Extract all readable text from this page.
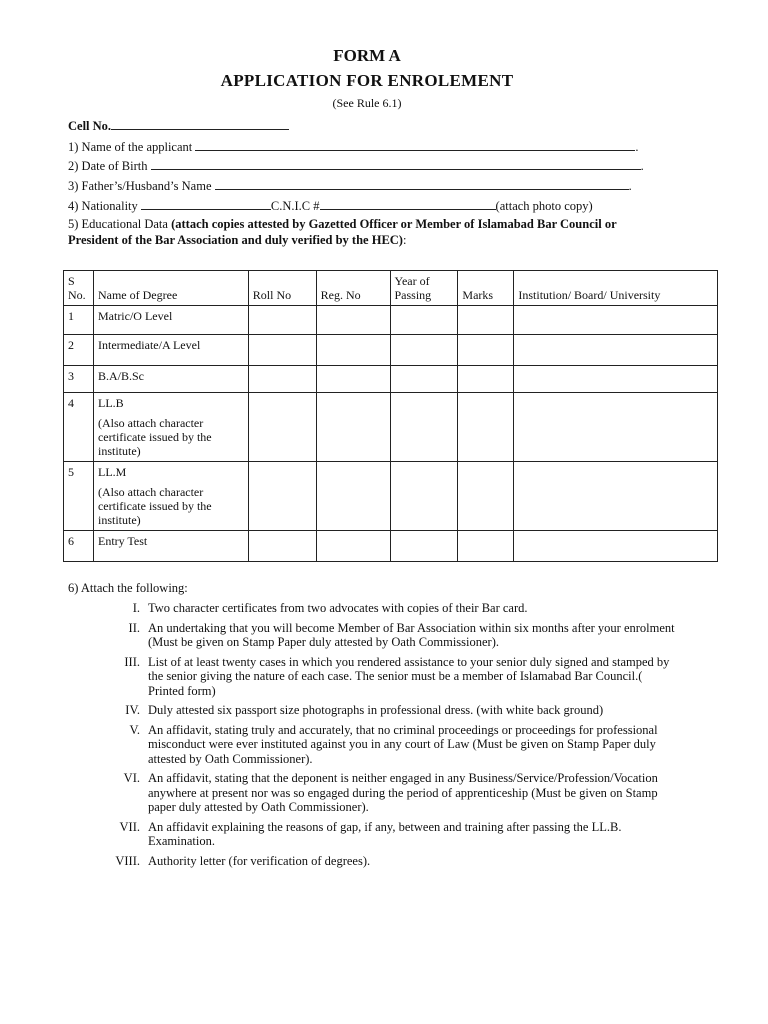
FORM A
APPLICATION FOR ENROLEMENT
(See Rule 6.1)
Cell No.
1) Name of the applicant	.
2) Date of Birth	.
3) Father’s/Husband’s Name	.
4) Nationality	C.N.I.C #	(attach photo copy)
5) Educational Data (attach copies attested by Gazetted Officer or Member of Islamabad Bar Council or President of the Bar Association and duly verified by the HEC):
S No.	Name of Degree	Roll No	Reg. No	Year of Passing	Marks	Institution/ Board/ University
1	Matric/O Level					
2	Intermediate/A Level					
3	B.A/B.Sc					
4	LL.B
(Also attach character certificate issued by the institute)					

5	LL.M
(Also attach character certificate issued by the institute)					

6	Entry Test					
6) Attach the following:
I. Two character certificates from two advocates with copies of their Bar card.
II. An undertaking that you will become Member of Bar Association within six months after your enrolment (Must be given on Stamp Paper duly attested by Oath Commissioner).
III. List of at least twenty cases in which you rendered assistance to your senior duly signed and stamped by the senior giving the nature of each case. The senior must be a member of Islamabad Bar Council.( Printed form)
IV. Duly attested six passport size photographs in professional dress. (with white back ground)
V. An affidavit, stating truly and accurately, that no criminal proceedings or proceedings for professional misconduct were ever instituted against you in any court of Law (Must be given on Stamp Paper duly attested by Oath Commissioner).
VI. An affidavit, stating that the deponent is neither engaged in any Business/Service/Profession/Vocation anywhere at present nor was so engaged during the period of apprenticeship (Must be given on Stamp paper duly attested by Oath Commissioner).
VII. An affidavit explaining the reasons of gap, if any, between and training after passing the LL.B. Examination.
VIII. Authority letter (for verification of degrees).
